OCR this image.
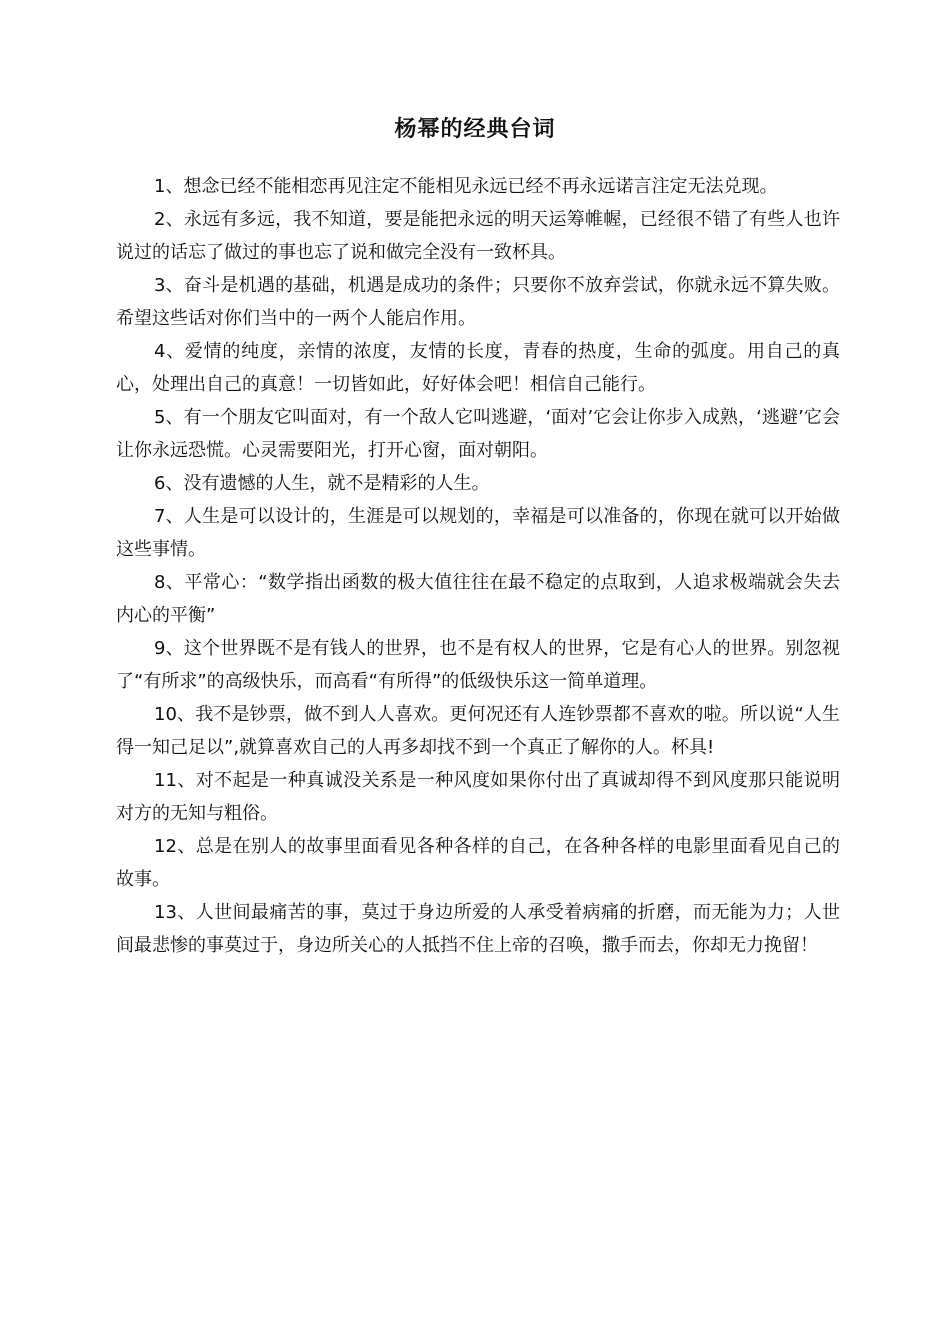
杨幂的经典台词

1、想念已经不能相恋再见注定不能相见永远已经不再永远诺言注定无法兑现。

2、永远有多远，我不知道，要是能把永远的明天运筹帷幄，已经很不错了有些人也许说过的话忘了做过的事也忘了说和做完全没有一致杯具。

3、奋斗是机遇的基础，机遇是成功的条件；只要你不放弃尝试，你就永远不算失败。希望这些话对你们当中的一两个人能启作用。

4、爱情的纯度，亲情的浓度，友情的长度，青春的热度，生命的弧度。用自己的真心，处理出自己的真意！一切皆如此，好好体会吧！相信自己能行。

5、有一个朋友它叫面对，有一个敌人它叫逃避，‘面对’它会让你步入成熟，‘逃避’它会让你永远恐慌。心灵需要阳光，打开心窗，面对朝阳。

6、没有遗憾的人生，就不是精彩的人生。

7、人生是可以设计的，生涯是可以规划的，幸福是可以准备的，你现在就可以开始做这些事情。

8、平常心：“数学指出函数的极大值往往在最不稳定的点取到，人追求极端就会失去内心的平衡”

9、这个世界既不是有钱人的世界，也不是有权人的世界，它是有心人的世界。别忽视了“有所求”的高级快乐，而高看“有所得”的低级快乐这一简单道理。

10、我不是钞票，做不到人人喜欢。更何况还有人连钞票都不喜欢的啦。所以说“人生得一知己足以”,就算喜欢自己的人再多却找不到一个真正了解你的人。杯具!

11、对不起是一种真诚没关系是一种风度如果你付出了真诚却得不到风度那只能说明对方的无知与粗俗。

12、总是在别人的故事里面看见各种各样的自己，在各种各样的电影里面看见自己的故事。

13、人世间最痛苦的事，莫过于身边所爱的人承受着病痛的折磨，而无能为力；人世间最悲惨的事莫过于，身边所关心的人抵挡不住上帝的召唤，撒手而去，你却无力挽留！
